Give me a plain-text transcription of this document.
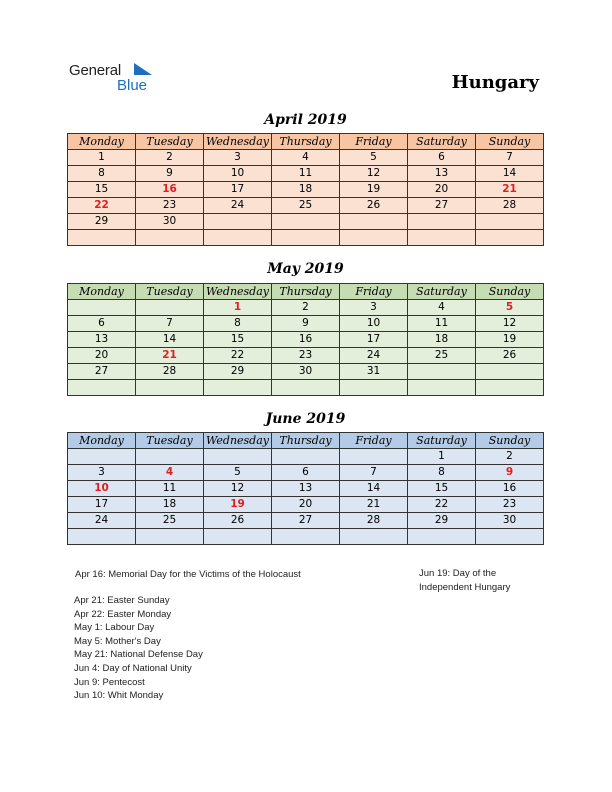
General
Blue	Hungary
April 2019
Monday	Tuesday	Wednesday	Thursday	Friday	Saturday	Sunday
1	2	3	4	5	6	7
8	9	10	11	12	13	14
15	16	17	18	19	20	21
22	23	24	25	26	27	28
29	30					

May 2019
Monday	Tuesday	Wednesday	Thursday	Friday	Saturday	Sunday
		1	2	3	4	5
6	7	8	9	10	11	12
13	14	15	16	17	18	19
20	21	22	23	24	25	26
27	28	29	30	31		

June 2019
Monday	Tuesday	Wednesday	Thursday	Friday	Saturday	Sunday
					1	2
3	4	5	6	7	8	9
10	11	12	13	14	15	16
17	18	19	20	21	22	23
24	25	26	27	28	29	30

Apr 16: Memorial Day for the Victims of the Holocaust
Apr 21: Easter Sunday
Apr 22: Easter Monday
May 1: Labour Day
May 5: Mother's Day
May 21: National Defense Day
Jun 4: Day of National Unity
Jun 9: Pentecost
Jun 10: Whit Monday
Jun 19: Day of the
Independent Hungary
